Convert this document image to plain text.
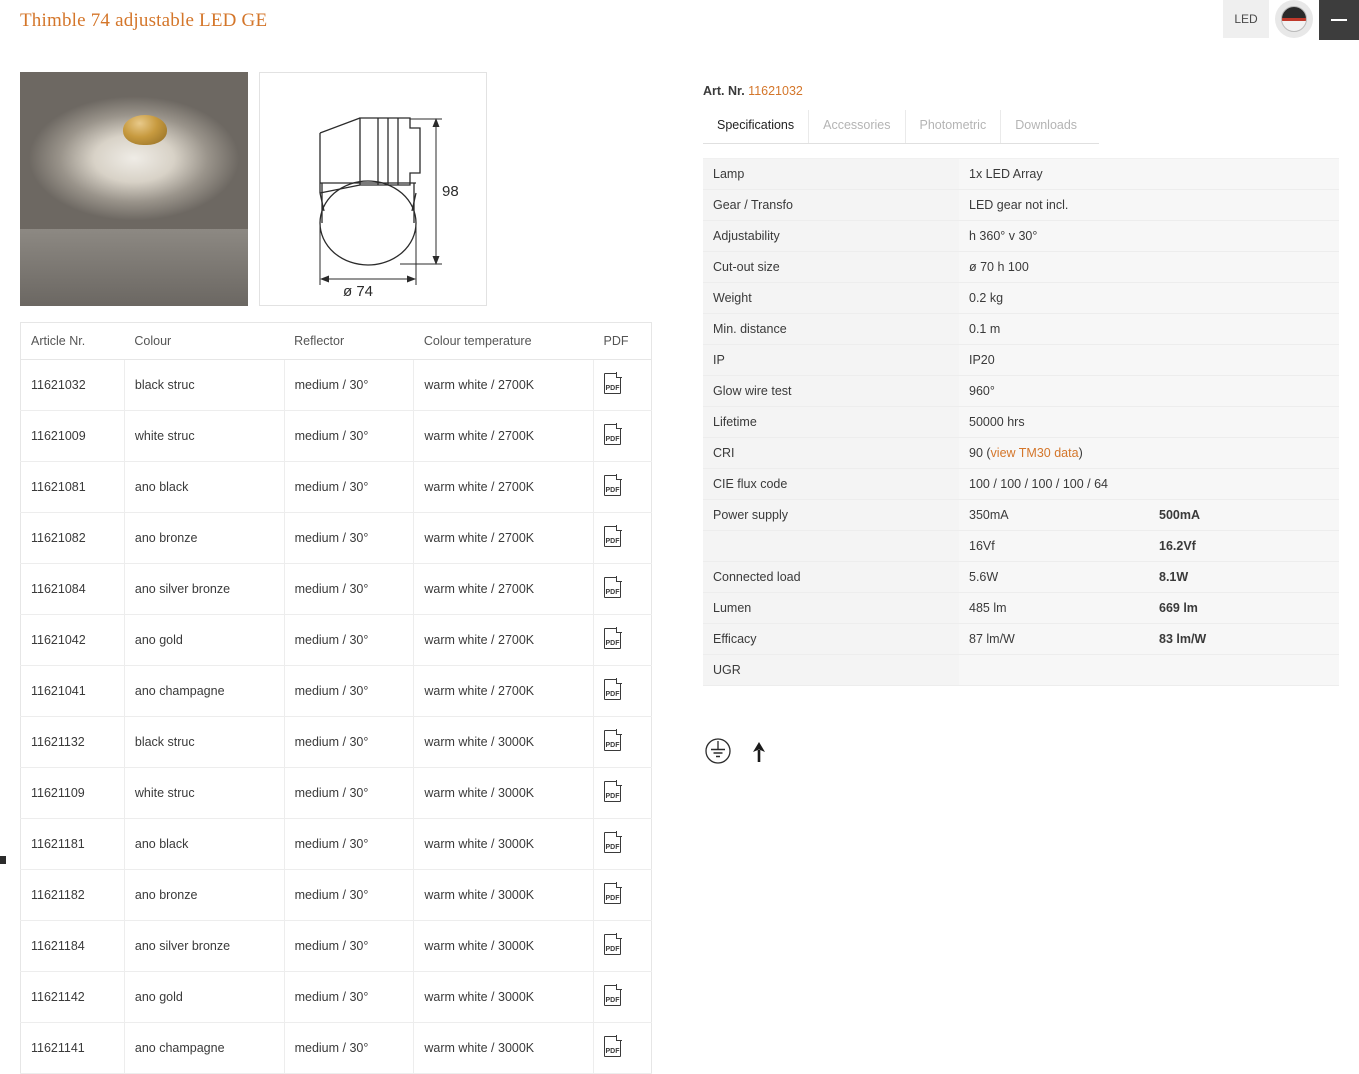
Thimble 74 adjustable LED GE	LED
98
ø 74
Article Nr.	Colour	Reflector	Colour temperature	PDF
11621032	black struc	medium / 30°	warm white / 2700K	PDF

11621009	white struc	medium / 30°	warm white / 2700K	PDF

11621081	ano black	medium / 30°	warm white / 2700K	PDF

11621082	ano bronze	medium / 30°	warm white / 2700K	PDF

11621084	ano silver bronze	medium / 30°	warm white / 2700K	PDF

11621042	ano gold	medium / 30°	warm white / 2700K	PDF

11621041	ano champagne	medium / 30°	warm white / 2700K	PDF

11621132	black struc	medium / 30°	warm white / 3000K	PDF

11621109	white struc	medium / 30°	warm white / 3000K	PDF

11621181	ano black	medium / 30°	warm white / 3000K	PDF

11621182	ano bronze	medium / 30°	warm white / 3000K	PDF

11621184	ano silver bronze	medium / 30°	warm white / 3000K	PDF

11621142	ano gold	medium / 30°	warm white / 3000K	PDF

11621141	ano champagne	medium / 30°	warm white / 3000K	PDF
Art. Nr. 11621032
Specifications	Accessories	Photometric	Downloads
Lamp	1x LED Array	
Gear / Transfo	LED gear not incl.	
Adjustability	h 360° v 30°	
Cut-out size	ø 70 h 100	
Weight	0.2 kg	
Min. distance	0.1 m	
IP	IP20	
Glow wire test	960°	
Lifetime	50000 hrs	
CRI	90 (view TM30 data)	
CIE flux code	100 / 100 / 100 / 100 / 64	
Power supply	350mA	500mA
	16Vf	16.2Vf
Connected load	5.6W	8.1W
Lumen	485 lm	669 lm
Efficacy	87 lm/W	83 lm/W
UGR		
